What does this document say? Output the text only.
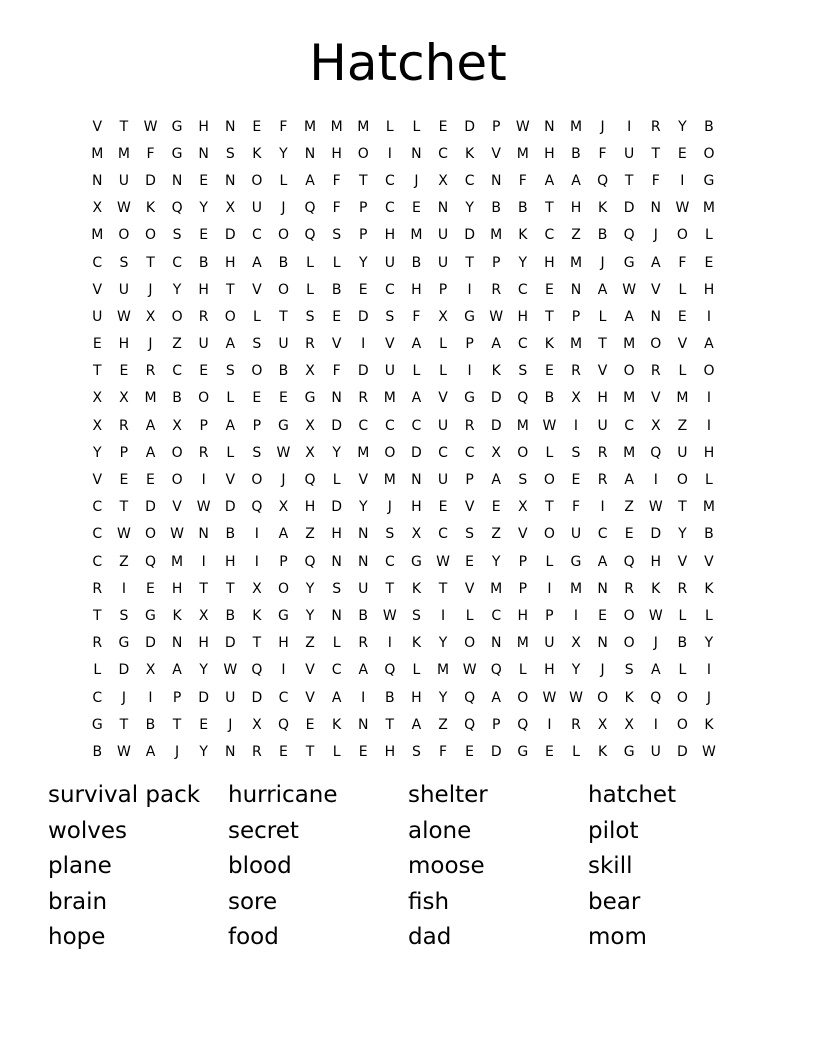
Hatchet
V	T	W	G	H	N	E	F	M	M	M	L	L	E	D	P	W	N	M	J	I	R	Y	B
M	M	F	G	N	S	K	Y	N	H	O	I	N	C	K	V	M	H	B	F	U	T	E	O
N	U	D	N	E	N	O	L	A	F	T	C	J	X	C	N	F	A	A	Q	T	F	I	G
X	W	K	Q	Y	X	U	J	Q	F	P	C	E	N	Y	B	B	T	H	K	D	N	W M
M	O	O	S	E	D	C	O	Q	S	P	H	M	U	D	M	K	C	Z	B	Q	J	O	L
C	S	T	C	B	H	A	B	L	L	Y	U	B	U	T	P	Y	H	M	J	G	A	F	E
V	U	J	Y	H	T	V	O	L	B	E	C	H	P	I	R	C	E	N	A	W	V	L	H
U	W	X	O	R	O	L	T	S	E	D	S	F	X	G	W	H	T	P	L	A	N	E	I
E	H	J	Z	U	A	S	U	R	V	I	V	A	L	P	A	C	K	M	T	M	O	V	A
T	E	R	C	E	S	O	B	X	F	D	U	L	L	I	K	S	E	R	V	O	R	L	O
X	X	M	B	O	L	E	E	G	N	R	M	A	V	G	D	Q	B	X	H	M	V	M	I
X	R	A	X	P	A	P	G	X	D	C	C	C	U	R	D	M W	I	U	C	X	Z	I
Y	P	A	O	R	L	S	W	X	Y	M	O	D	C	C	X	O	L	S	R	M	Q	U	H
V	E	E	O	I	V	O	J	Q	L	V	M	N	U	P	A	S	O	E	R	A	I	O	L
C	T	D	V	W	D	Q	X	H	D	Y	J	H	E	V	E	X	T	F	I	Z	W	T	M
C	W	O	W	N	B	I	A	Z	H	N	S	X	C	S	Z	V	O	U	C	E	D	Y	B
C	Z	Q	M	I	H	I	P	Q	N	N	C	G	W	E	Y	P	L	G	A	Q	H	V	V
R	I	E	H	T	T	X	O	Y	S	U	T	K	T	V	M	P	I	M	N	R	K	R	K
T	S	G	K	X	B	K	G	Y	N	B	W	S	I	L	C	H	P	I	E	O	W	L	L
R	G	D	N	H	D	T	H	Z	L	R	I	K	Y	O	N	M	U	X	N	O	J	B	Y
L	D	X	A	Y	W	Q	I	V	C	A	Q	L	M W	Q	L	H	Y	J	S	A	L	I
C	J	I	P	D	U	D	C	V	A	I	B	H	Y	Q	A	O	W W	O	K	Q	O	J
G	T	B	T	E	J	X	Q	E	K	N	T	A	Z	Q	P	Q	I	R	X	X	I	O	K
B	W	A	J	Y	N	R	E	T	L	E	H	S	F	E	D	G	E	L	K	G	U	D	W
survival pack	hurricane	shelter	hatchet
wolves	secret	alone	pilot
plane	blood	moose	skill
brain	sore	fish	bear
hope	food	dad	mom
